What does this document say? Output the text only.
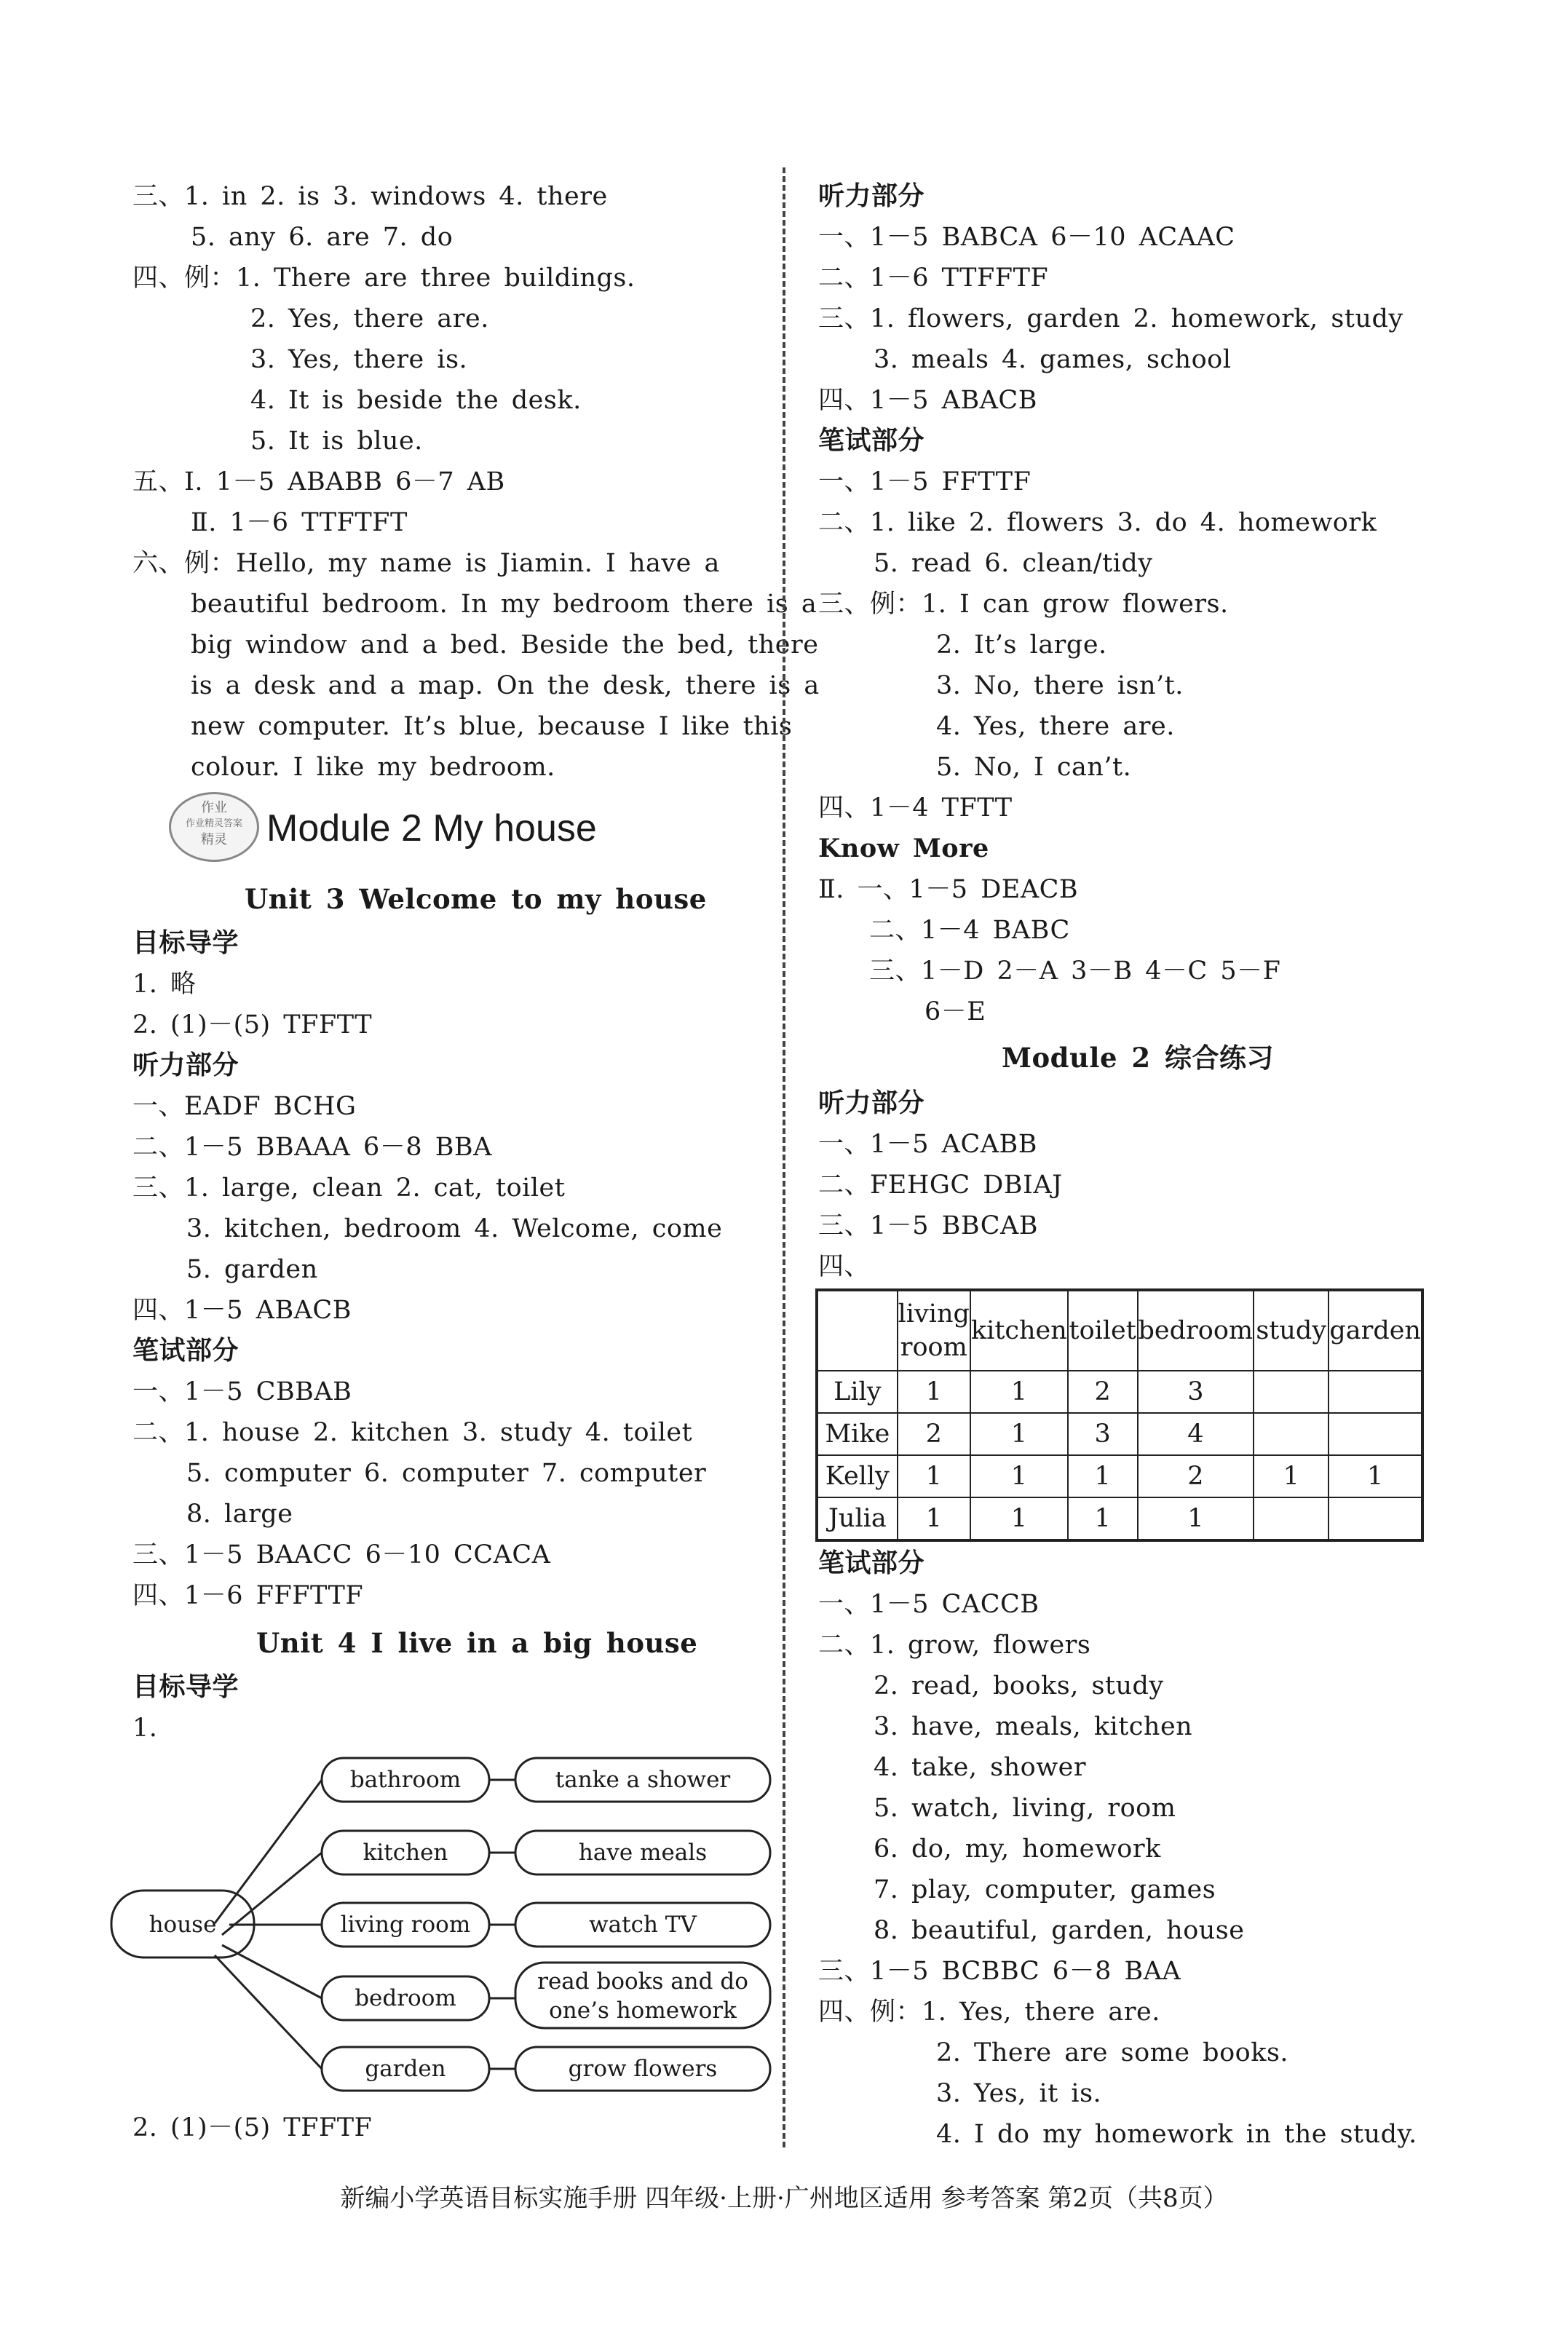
三、1. in 2. is 3. windows 4. there
5. any 6. are 7. do
四、例：1. There are three buildings.
2. Yes, there are.
3. Yes, there is.
4. It is beside the desk.
5. It is blue.
五、Ⅰ. 1－5 ABABB 6－7 AB
Ⅱ. 1－6 TTFTFT
六、例：Hello, my name is Jiamin. I have a
beautiful bedroom. In my bedroom there is a
big window and a bed. Beside the bed, there
is a desk and a map. On the desk, there is a
new computer. It’s blue, because I like this
colour. I like my bedroom.
作业
作业精灵答案
精灵	Module 2 My house
Unit 3 Welcome to my house
目标导学
1. 略
2. (1)－(5) TFFTT
听力部分
一、EADF BCHG
二、1－5 BBAAA 6－8 BBA
三、1. large, clean 2. cat, toilet
3. kitchen, bedroom 4. Welcome, come
5. garden
四、1－5 ABACB
笔试部分
一、1－5 CBBAB
二、1. house 2. kitchen 3. study 4. toilet
5. computer 6. computer 7. computer
8. large
三、1－5 BAACC 6－10 CCACA
四、1－6 FFFTTF
Unit 4 I live in a big house
目标导学
1.
house
bathroom
kitchen
living room
bedroom
garden
tanke a shower
have meals
watch TV
read books and do
one’s homework
grow flowers
2. (1)－(5) TFFTF
听力部分
一、1－5 BABCA 6－10 ACAAC
二、1－6 TTFFTF
三、1. flowers, garden 2. homework, study
3. meals 4. games, school
四、1－5 ABACB
笔试部分
一、1－5 FFTTF
二、1. like 2. flowers 3. do 4. homework
5. read 6. clean/tidy
三、例：1. I can grow flowers.
2. It’s large.
3. No, there isn’t.
4. Yes, there are.
5. No, I can’t.
四、1－4 TFTT
Know More
Ⅱ. 一、1－5 DEACB
二、1－4 BABC
三、1－D 2－A 3－B 4－C 5－F
6－E
Module 2 综合练习
听力部分
一、1－5 ACABB
二、FEHGC DBIAJ
三、1－5 BBCAB
四、
	living room	kitchen	toilet	bedroom	study	garden
Lily	1	1	2	3		
Mike	2	1	3	4		
Kelly	1	1	1	2	1	1
Julia	1	1	1	1		
笔试部分
一、1－5 CACCB
二、1. grow, flowers
2. read, books, study
3. have, meals, kitchen
4. take, shower
5. watch, living, room
6. do, my, homework
7. play, computer, games
8. beautiful, garden, house
三、1－5 BCBBC 6－8 BAA
四、例：1. Yes, there are.
2. There are some books.
3. Yes, it is.
4. I do my homework in the study.
新编小学英语目标实施手册 四年级·上册·广州地区适用 参考答案 第2页（共8页）
